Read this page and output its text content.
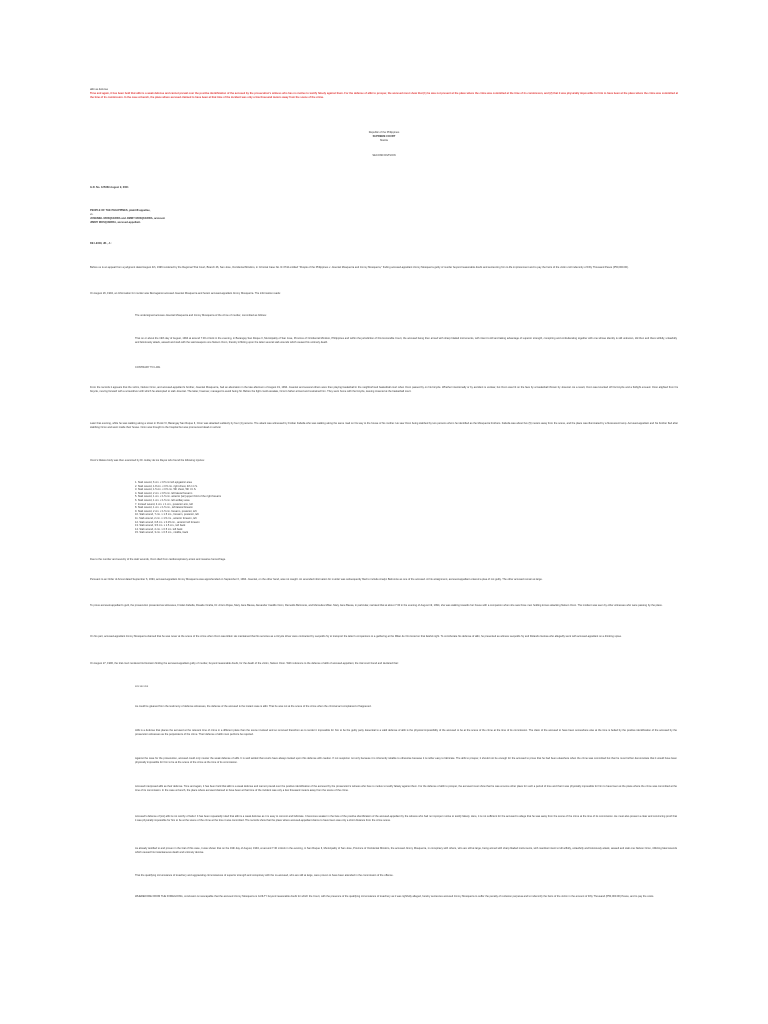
alibi as defense

Time and again, it has been held that alibi is a weak defense and cannot prevail over the positive identification of the accused by the prosecution's witness who has no motive to testify falsely against them. For the defense of alibi to prosper, the accused must show that (1) he was not present at the place where the crime was committed at the time of its commission, and (2) that it was physically impossible for him to have been at the place where the crime was committed at the time of its commission. In the case at bench, the place where accused claimed to have been at that time of the incident was only a few thousand meters away from the scene of the crime.

Republic of the Philippines

SUPREME COURT

Manila

SECOND DIVISION

G.R. No. 125369 August 9, 2001

PEOPLE OF THE PHILIPPINES, plaintiff-appellee,

vs.

JOSENIEL MOSQUERRA and JIMMY MOSQUERRA, accused.

JIMMY MOSQUERRA, accused-appellant.

DE LEON, JR., J.:

Before us is an appeal from a judgment dated August 4th, 1996 rendered by the Regional Trial Court, Branch 46, San Jose, Occidental Mindoro, in Criminal Case No. R-3744 entitled "People of the Philippines v. Joseniel Mosquerra and Jimmy Mosquerra," finding accused-appellant Jimmy Mosquerra guilty of murder beyond reasonable doubt and sentencing him to life imprisonment and to pay the heirs of the victim civil indemnity of Fifty Thousand Pesos (P50,000.00).

On August 26, 1994, an Information for murder was filed against accused Joseniel Mosquerra and herein accused-appellant Jimmy Mosquerra. The information reads:

The undersigned accuses Joseniel Mosquerra and Jimmy Mosquerra of the crime of murder, committed as follows:

That on or about the 19th day of August, 1994 at around 7:30 o'clock in the evening, in Barangay San Roque II, Municipality of San Jose, Province of Occidental Mindoro, Philippines and within the jurisdiction of this Honorable Court, the accused being then armed with sharp bladed instruments, with intent to kill and taking advantage of superior strength, conspiring and confederating together with one whose identity is still unknown, did then and there wilfully, unlawfully and feloniously attack, assault and stab with the said weapons one Nelson Ocon, thereby inflicting upon the latter several stab wounds which caused his untimely death.

CONTRARY TO LAW.

From the records it appears that the victim, Nelson Ocon, and accused-appellant's brother, Joseniel Mosquerra, had an altercation in the late afternoon of August 19, 1994. Joseniel and several others were then playing basketball in the neighborhood basketball court when Ocon passed by on his bicycle. Whether intentionally or by accident is unclear, but Ocon was hit on the face by a basketball thrown by Joseniel. As a result, Ocon was knocked off his bicycle and a fistfight ensued. Ocon alighted from his bicycle, moving forward with a screwdriver with which he attempted to stab Joseniel. The latter, however, managed to avoid being hit. Before the fight could escalate, Ocon's father arrived and restrained him. They went home with the bicycle, leaving Joseniel at the basketball court.

Later that evening, while he was walking along a street in Purok VI, Barangay San Roque II, Ocon was attacked suddenly by four (4) persons. The attack was witnessed by Froilan Fabella who was walking along the same road on his way to the house of his mother. He saw Ocon being stabbed by two persons whom he identified as the Mosquerra brothers. Fabella was about five (5) meters away from the scene, and the place was illuminated by a fluorescent lamp. Accused-appellant and his brother fled after stabbing Ocon and went inside their house. Ocon was brought to the hospital but was pronounced dead on arrival.

Ocon's lifeless body was then examined by Dr. Hulley de los Reyes who found the following injuries:

1. Stab wound, 6 cm. x 0.5 cm left epigastric area
2. Stab wound, 1.8 cm. x 0.5 cm. right chest, 4th I.C.S.
3. Stab wound, 1.5 cm. x 0.5 cm. 5th chest, 5th I.C.S.
4. Stab wound, 2 cm. x 0.5 cm. left lateral forearm
5. Stab wound, 1 cm. x 1.5 cm. anterior [sic] upper third of the right forearm
6. Stab wound, 1 cm. x 1.5 cm. left axillary area
7. Incised wound, 4 cm. x 1 cm., posterior arm, left
8. Stab wound, 1 cm. x 1.5 cm., left lateral forearm
9. Stab wound, 2 cm. x 1.5 cm. forearm, posterior, left
10. Stab wound, 7 cm. x 1.5 cm., forearm, posterior, left
11. Stab wound, 2 cm. x 1.5 cm., anterior forearm, left
12. Stab wound, 0.8 cm. x 0.15 cm., anterior left forearm
13. Stab wound, 3.5 cm. x 1.5 cm., left back
14. Stab wound, 2 cm. x 0.5 cm. left back
15. Stab wound, 3 cm. x 0.5 cm., middle, back

Due to the number and severity of the stab wounds, Ocon died from cardiorespiratory arrest and massive hemorrhage.

Pursuant to an Order of Arrest dated September 6, 1994, accused-appellant Jimmy Mosquerra was apprehended on September 6, 1994. Joseniel, on the other hand, was not caught. An amended information for murder was subsequently filed to include Analyn Belmonte as one of the accused. At his arraignment, accused-appellant entered a plea of not guilty. The other accused remain at large.

To prove accused-appellant's guilt, the prosecution presented as witnesses, Froilan Fabella, Rosalie Ocaña, Dr. Arturo Rojas, Mary Jane Bausa, Alexander Castillo Ocon, Remedio Belmonte, and Mercedes Milan. Mary Jane Bausa, in particular, narrated that at about 7:30 in the evening of August 19, 1994, she was walking towards her house with a companion when she saw three men holding knives attacking Nelson Ocon. The incident was seen by other witnesses who were passing by the place.

On his part, accused-appellant Jimmy Mosquerra claimed that he was never at the scene of the crime when Ocon was killed. He maintained that his services as a tricycle driver were contracted by Leopoldo Sy to transport the latter's companions to a gathering at the Milan de Oro Hotel on that fateful night. To corroborate his defense of alibi, he presented as witness Leopoldo Sy and Rolando Gelosa who allegedly went with accused-appellant on a drinking spree.

On August 27, 1996, the trial court rendered its Decision finding the accused-appellant guilty of murder, beyond reasonable doubt, for the death of the victim, Nelson Ocon. With reference to the defense of alibi of accused-appellant, the trial court found and declared that:

xxx xxx xxx

As could be gleaned from the testimony of defense witnesses, the defense of the accused is the instant case is alibi. That he was not at the scene of the crime when the criminal act complained of happened.

Alibi is a defense that places the accused at the relevant time of crime in a different place than the scene involved and so removed therefrom as to render it impossible for him to be the guilty party. Essential to a valid defense of alibi is the physical impossibility of the accused to be at the scene of the crime at the time of its commission. The claim of the accused to have been somewhere else at the time is belied by the positive identification of the accused by the prosecution witnesses as the perpetrators of the crime. Their defense of alibi must perforce be rejected.

Against the case for the prosecution, accused could only muster the weak defense of alibi. It is well settled that courts have always looked upon this defense with caution. If not suspicion not only because it is inherently reliable to otherwise because it is rather easy to fabricate. The alibi to prosper, it should not be enough for the accused to prove that he had been elsewhere when the crime was committed but that he must further demonstrate that it would have been physically impossible for him to be at the scene of the crime at the time of its commission.

Accused interposed alibi as their defense. Time and again, it has been held that alibi is a weak defense and cannot prevail over the positive identification of the accused by the prosecution's witness who has no motive to testify falsely against them. For the defense of alibi to prosper, the accused must show that he was at some other place for such a period of time and that it was physically impossible for him to have been at the place where the crime was committed at the time of its commission. In the case at bench, the place where accused claimed to have been at that time of the incident was only a few thousand meters away from the scene of the crime.

Accused's defense of [sic] alibi is not worthy of belief. It has been repeatedly ruled that alibi is a weak defense as it is easy to concoct and fabricate. It becomes weaker in the face of the positive identification of the accused-appellant by the witness who had no improper motive to testify falsely. Here, it is not sufficient for the accused to allege that he was away from the scene of the crime at the time of its commission. He must also present a clear and convincing proof that it was physically impossible for him to be at the scene of the crime at the time it was committed. The records show that the place where accused-appellant claims to have been was only a short distance from the crime scene.

As already testified to and proven in the trial of this case, it was shown that on the 19th day of August, 1994, at around 7:30 o'clock in the evening, in San Roque II, Municipality of San Jose, Province of Occidental Mindoro, the accused Jimmy Mosquerra, in conspiracy with others, who are still at large, being armed with sharp bladed instruments, with manifest intent to kill wilfully, unlawfully and feloniously attack, assault and stab one Nelson Ocon, inflicting fatal wounds which caused his instantaneous death and untimely demise.

That the qualifying circumstance of treachery and aggravating circumstances of superior strength and conspiracy with the co-accused, who are still at large, were proven to have been attended in the commission of the offense.

WHEREFORE FROM THE FOREGOING, conclusion is inescapable that the accused Jimmy Mosquerra is GUILTY beyond reasonable doubt for which the Court, with the presence of the qualifying circumstance of treachery as it was rightfully alleged, hereby sentences accused Jimmy Mosquerra to suffer the penalty of reclusion perpetua and to indemnify the heirs of the victim in the amount of Fifty Thousand (P50,000.00) Pesos, and to pay the costs.
